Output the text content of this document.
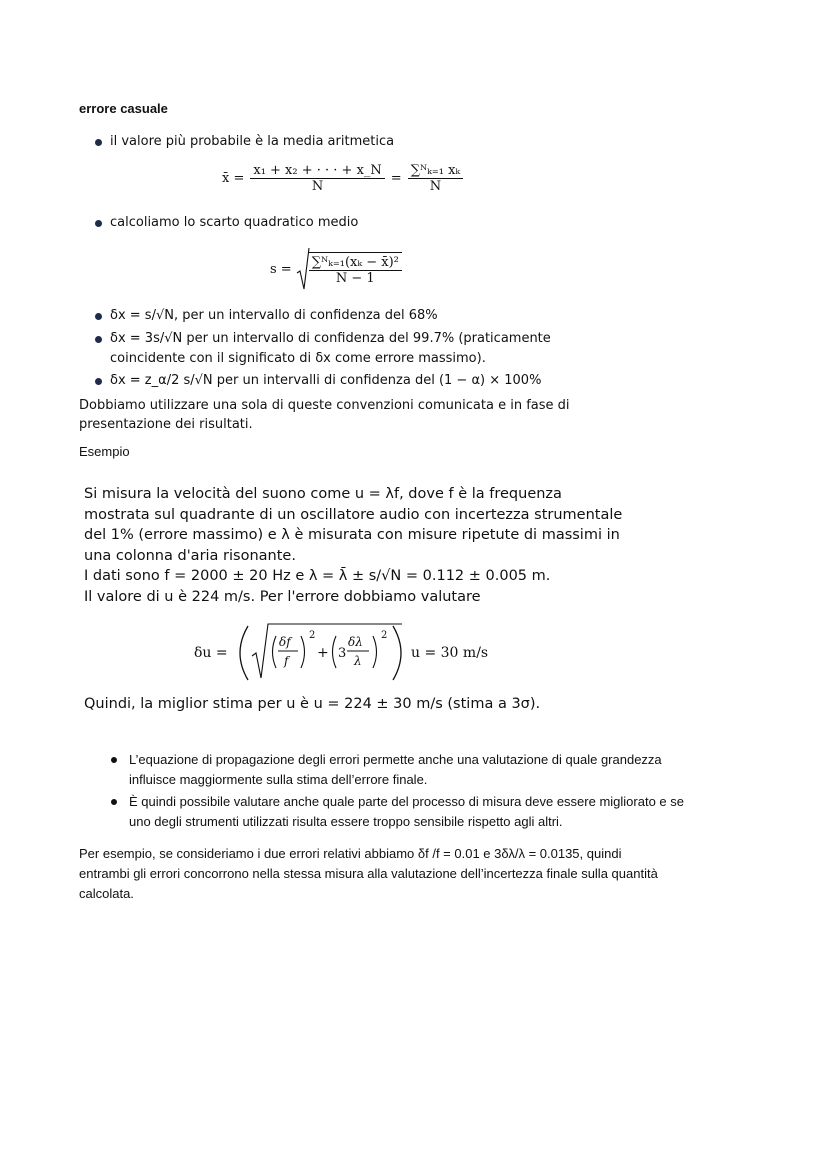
errore casuale
il valore più probabile è la media aritmetica
x̄ = $\frac{\text{x₁ + x₂ + · · · + x\_N}}{N} = \frac{\text{∑ᴺₖ₌₁ xₖ}}{N}$
calcoliamo lo scarto quadratico medio
$s = \frac{\text{∑ᴺₖ₌₁(xₖ − x̄)²}}{N - 1}$
δx = s/√N, per un intervallo di confidenza del 68%
δx = 3s/√N per un intervallo di confidenza del 99.7% (praticamente
coincidente con il significato di δx come errore massimo).
δx = z_α/2 s/√N per un intervalli di confidenza del (1 − α) × 100%
Dobbiamo utilizzare una sola di queste convenzioni comunicata e in fase di
presentazione dei risultati.
Esempio
Si misura la velocità del suono come u = λf, dove f è la frequenza
mostrata sul quadrante di un oscillatore audio con incertezza strumentale
del 1% (errore massimo) e λ è misurata con misure ripetute di massimi in
una colonna d'aria risonante.
I dati sono f = 2000 ± 20 Hz e λ = λ̄ ± s/√N = 0.112 ± 0.005 m.
Il valore di u è 224 m/s. Per l'errore dobbiamo valutare
δu =
δf
f
2
+ 3
δλ
λ
2
u = 30 m/s
Quindi, la miglior stima per u è u = 224 ± 30 m/s (stima a 3σ).
L’equazione di propagazione degli errori permette anche una valutazione di quale grandezza
influisce maggiormente sulla stima dell’errore finale.
È quindi possibile valutare anche quale parte del processo di misura deve essere migliorato e se
uno degli strumenti utilizzati risulta essere troppo sensibile rispetto agli altri.
Per esempio, se consideriamo i due errori relativi abbiamo δf /f = 0.01 e 3δλ/λ = 0.0135, quindi
entrambi gli errori concorrono nella stessa misura alla valutazione dell’incertezza finale sulla quantità
calcolata.
